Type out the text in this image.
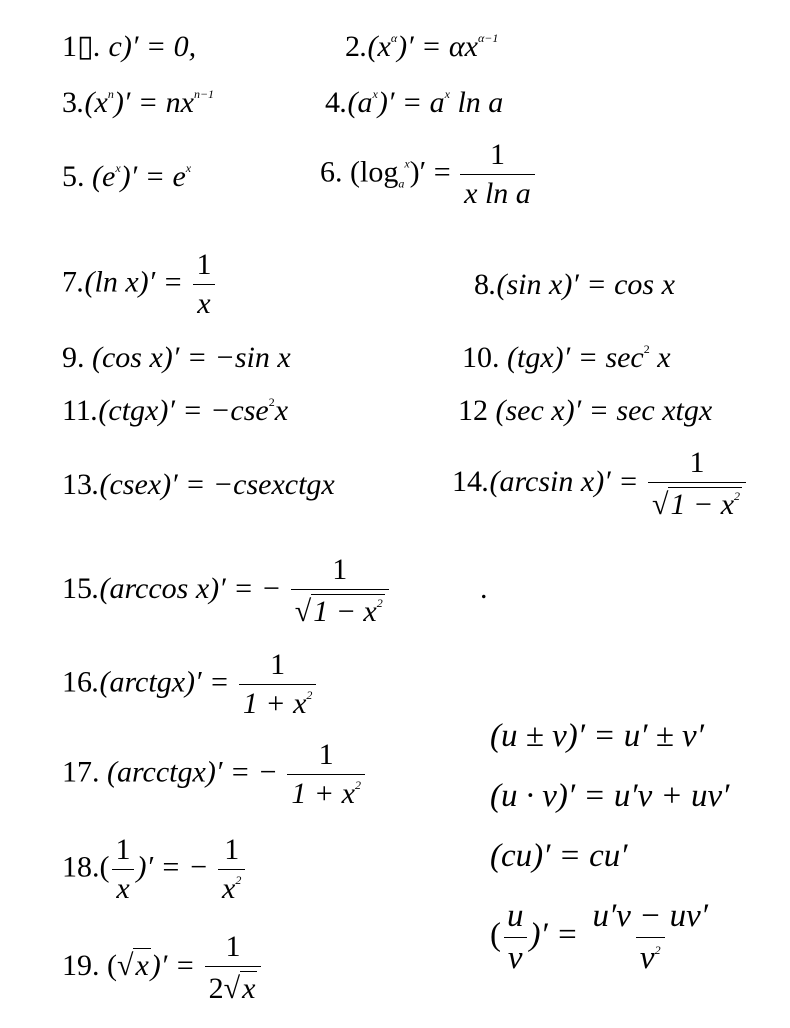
1▯. c)′ = 0,	$2.(x^\alpha)' = \alpha x^{\alpha-1}$
$3.(x^n)' = nx^{n-1}$	$4.(a^x)' = a^x$ ln a
5. $(e^x)' = e^x$	6. $(\log_a^x)' = \frac{1}{\text{x ln a}}$
7.(ln $x)' = \frac{1}{x}$	8.(sin x)′ = cos x
9. (cos x)′ = −sin x	10. $(tgx)' = \sec^2 x$
11.(ctgx)′ = −cse$^2$x	12 (sec x)′ = sec xtgx
13.(csex)′ = −csexctgx	14.(arcsin $x)' = \frac{1}{√ 1 - x^2}$
15.(arccos x)′ = − $\frac{1}{√ 1 - x^2}$	.
16.(arctgx)′ = $\frac{1}{1 + x^2}$
(u ± v)′ = u′ ± v′
17. (arcctgx)′ = − $\frac{1}{1 + x^2}$	(u · v)′ = u′v + uv′
(cu)′ = cu′
$18.( \frac{1}{x}$ )′ = − $\frac{1}{x^2}$
( $\frac{u}{v}$ )′ = $\frac{u'v - uv'}{v^2}$
19. ( √ x )′ = $\frac{1}{2 √ x}$
